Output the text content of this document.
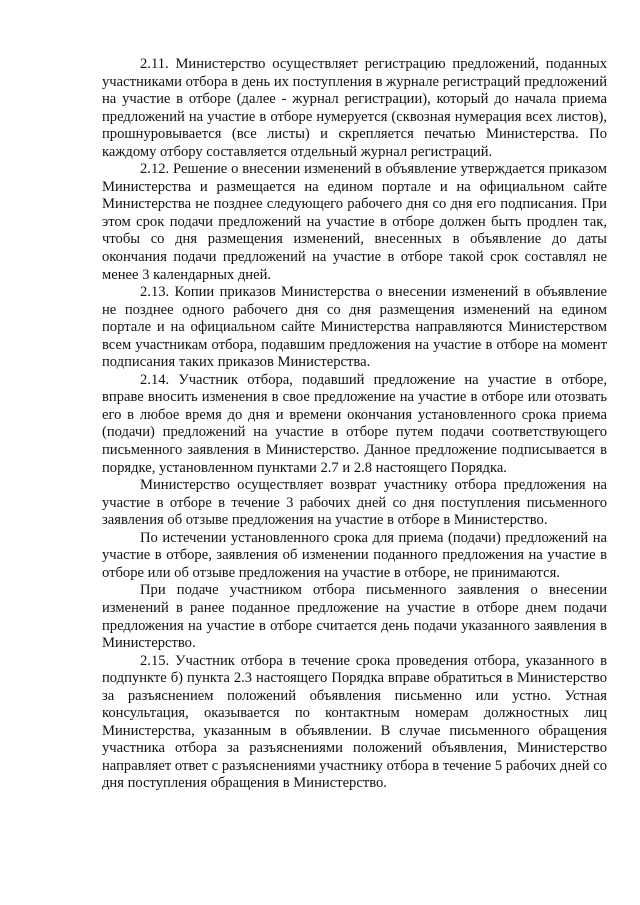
2.11. Министерство осуществляет регистрацию предложений, поданных участниками отбора в день их поступления в журнале регистраций предложений на участие в отборе (далее - журнал регистрации), который до начала приема предложений на участие в отборе нумеруется (сквозная нумерация всех листов), прошнуровывается (все листы) и скрепляется печатью Министерства. По каждому отбору составляется отдельный журнал регистраций.

2.12. Решение о внесении изменений в объявление утверждается приказом Министерства и размещается на едином портале и на официальном сайте Министерства не позднее следующего рабочего дня со дня его подписания. При этом срок подачи предложений на участие в отборе должен быть продлен так, чтобы со дня размещения изменений, внесенных в объявление до даты окончания подачи предложений на участие в отборе такой срок составлял не менее 3 календарных дней.

2.13. Копии приказов Министерства о внесении изменений в объявление не позднее одного рабочего дня со дня размещения изменений на едином портале и на официальном сайте Министерства направляются Министерством всем участникам отбора, подавшим предложения на участие в отборе на момент подписания таких приказов Министерства.

2.14. Участник отбора, подавший предложение на участие в отборе, вправе вносить изменения в свое предложение на участие в отборе или отозвать его в любое время до дня и времени окончания установленного срока приема (подачи) предложений на участие в отборе путем подачи соответствующего письменного заявления в Министерство. Данное предложение подписывается в порядке, установленном пунктами 2.7 и 2.8 настоящего Порядка.

Министерство осуществляет возврат участнику отбора предложения на участие в отборе в течение 3 рабочих дней со дня поступления письменного заявления об отзыве предложения на участие в отборе в Министерство.

По истечении установленного срока для приема (подачи) предложений на участие в отборе, заявления об изменении поданного предложения на участие в отборе или об отзыве предложения на участие в отборе, не принимаются.

При подаче участником отбора письменного заявления о внесении изменений в ранее поданное предложение на участие в отборе днем подачи предложения на участие в отборе считается день подачи указанного заявления в Министерство.

2.15. Участник отбора в течение срока проведения отбора, указанного в подпункте б) пункта 2.3 настоящего Порядка вправе обратиться в Министерство за разъяснением положений объявления письменно или устно. Устная консультация, оказывается по контактным номерам должностных лиц Министерства, указанным в объявлении. В случае письменного обращения участника отбора за разъяснениями положений объявления, Министерство направляет ответ с разъяснениями участнику отбора в течение 5 рабочих дней со дня поступления обращения в Министерство.
